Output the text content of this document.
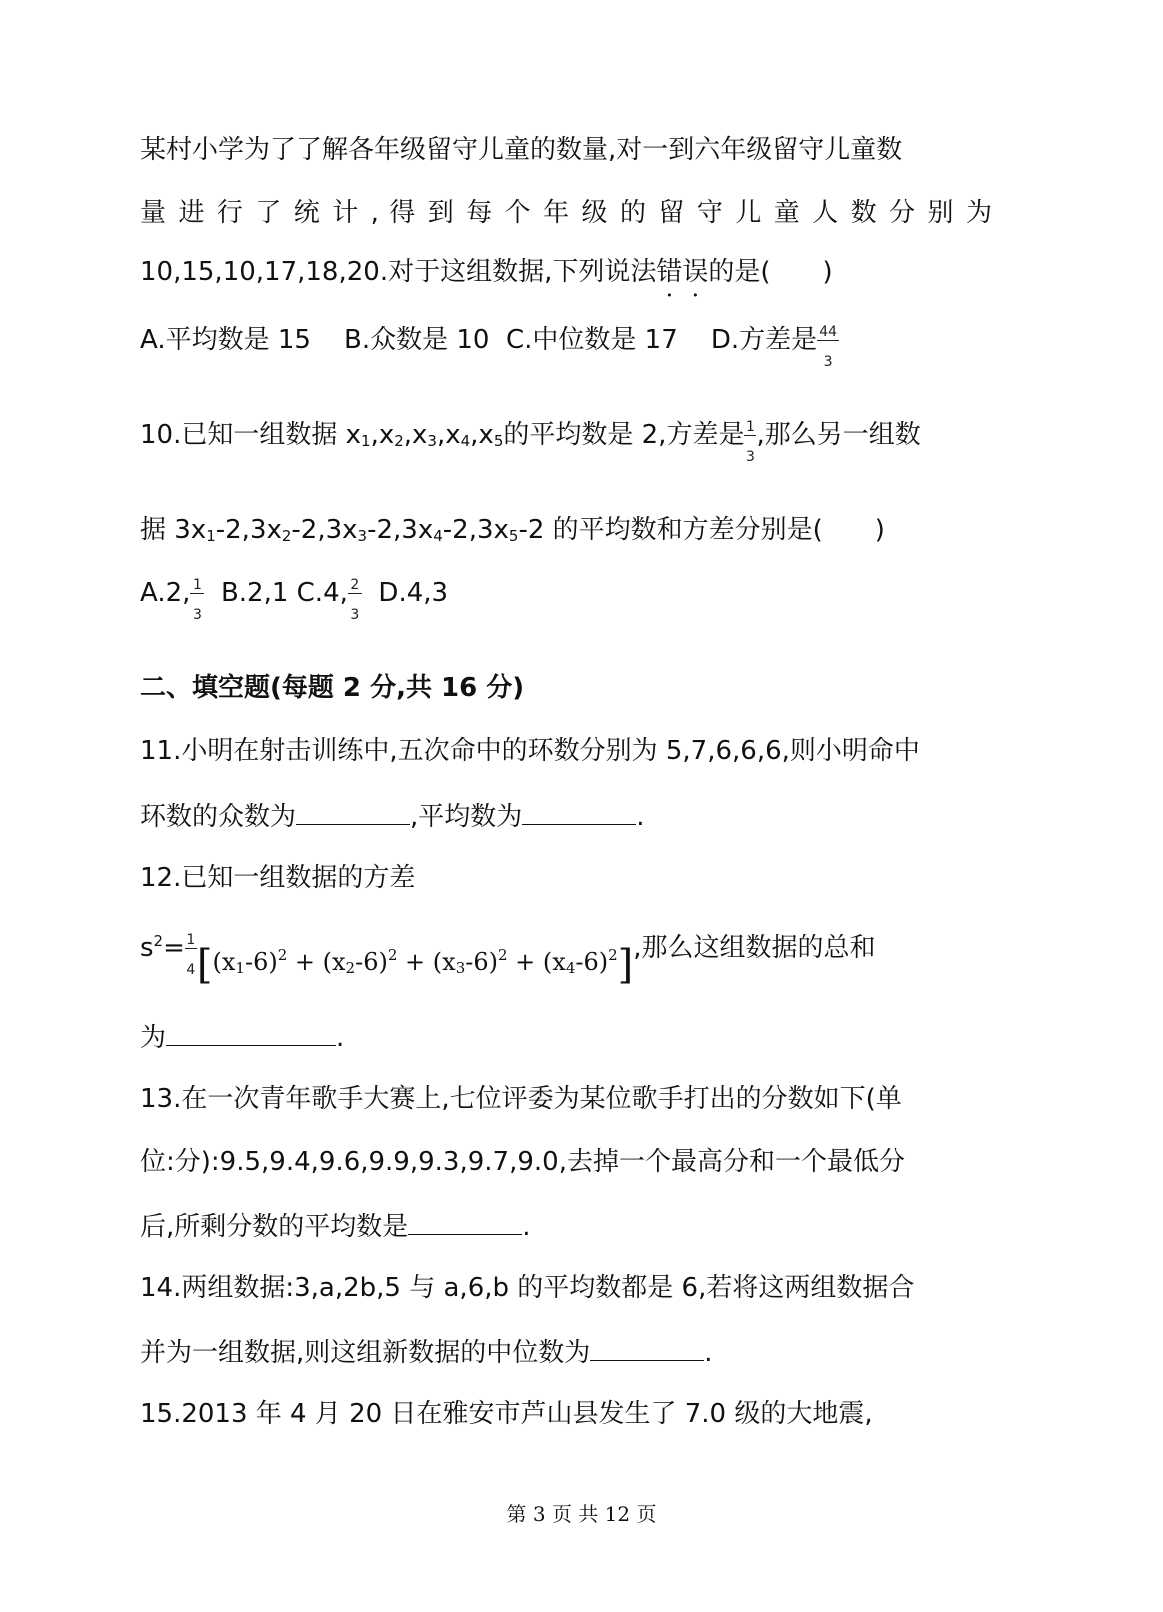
某村小学为了了解各年级留守儿童的数量,对一到六年级留守儿童数
量 进 行 了 统 计 , 得 到 每 个 年 级 的 留 守 儿 童 人 数 分 别 为
10,15,10,17,18,20.对于这组数据,下列说法错误的是(　　)
A.平均数是 15 B.众数是 10 C.中位数是 17 D.方差是 $\frac{44}{3}$
10.已知一组数据 $x_1,x_2,x_3,x_4,x_5$的平均数是 2,方差是 $\frac{1}{3}$ ,那么另一组数
据 $3x_1-2,3x_2-2,3x_3-2,3x_4-2,3x_5-2$ 的平均数和方差分别是(　　)
A.2, $\frac{1}{3} B.2,1$ C.4, $\frac{2}{3} D.4,3$
二、填空题(每题 2 分,共 16 分)
11.小明在射击训练中,五次命中的环数分别为 5,7,6,6,6,则小明命中
环数的众数为	,平均数为	.
12.已知一组数据的方差
$s^2= \frac{1}{4} [(x_1-6)^2 + (x_2-6)^2 + (x_3-6)^2 + (x_4-6)^2]$,那么这组数据的总和
为	.
13.在一次青年歌手大赛上,七位评委为某位歌手打出的分数如下(单
位:分):9.5,9.4,9.6,9.9,9.3,9.7,9.0,去掉一个最高分和一个最低分
后,所剩分数的平均数是	.
14.两组数据:3,a,2b,5 与 a,6,b 的平均数都是 6,若将这两组数据合
并为一组数据,则这组新数据的中位数为	.
15.2013 年 4 月 20 日在雅安市芦山县发生了 7.0 级的大地震,
第 3 页 共 12 页
